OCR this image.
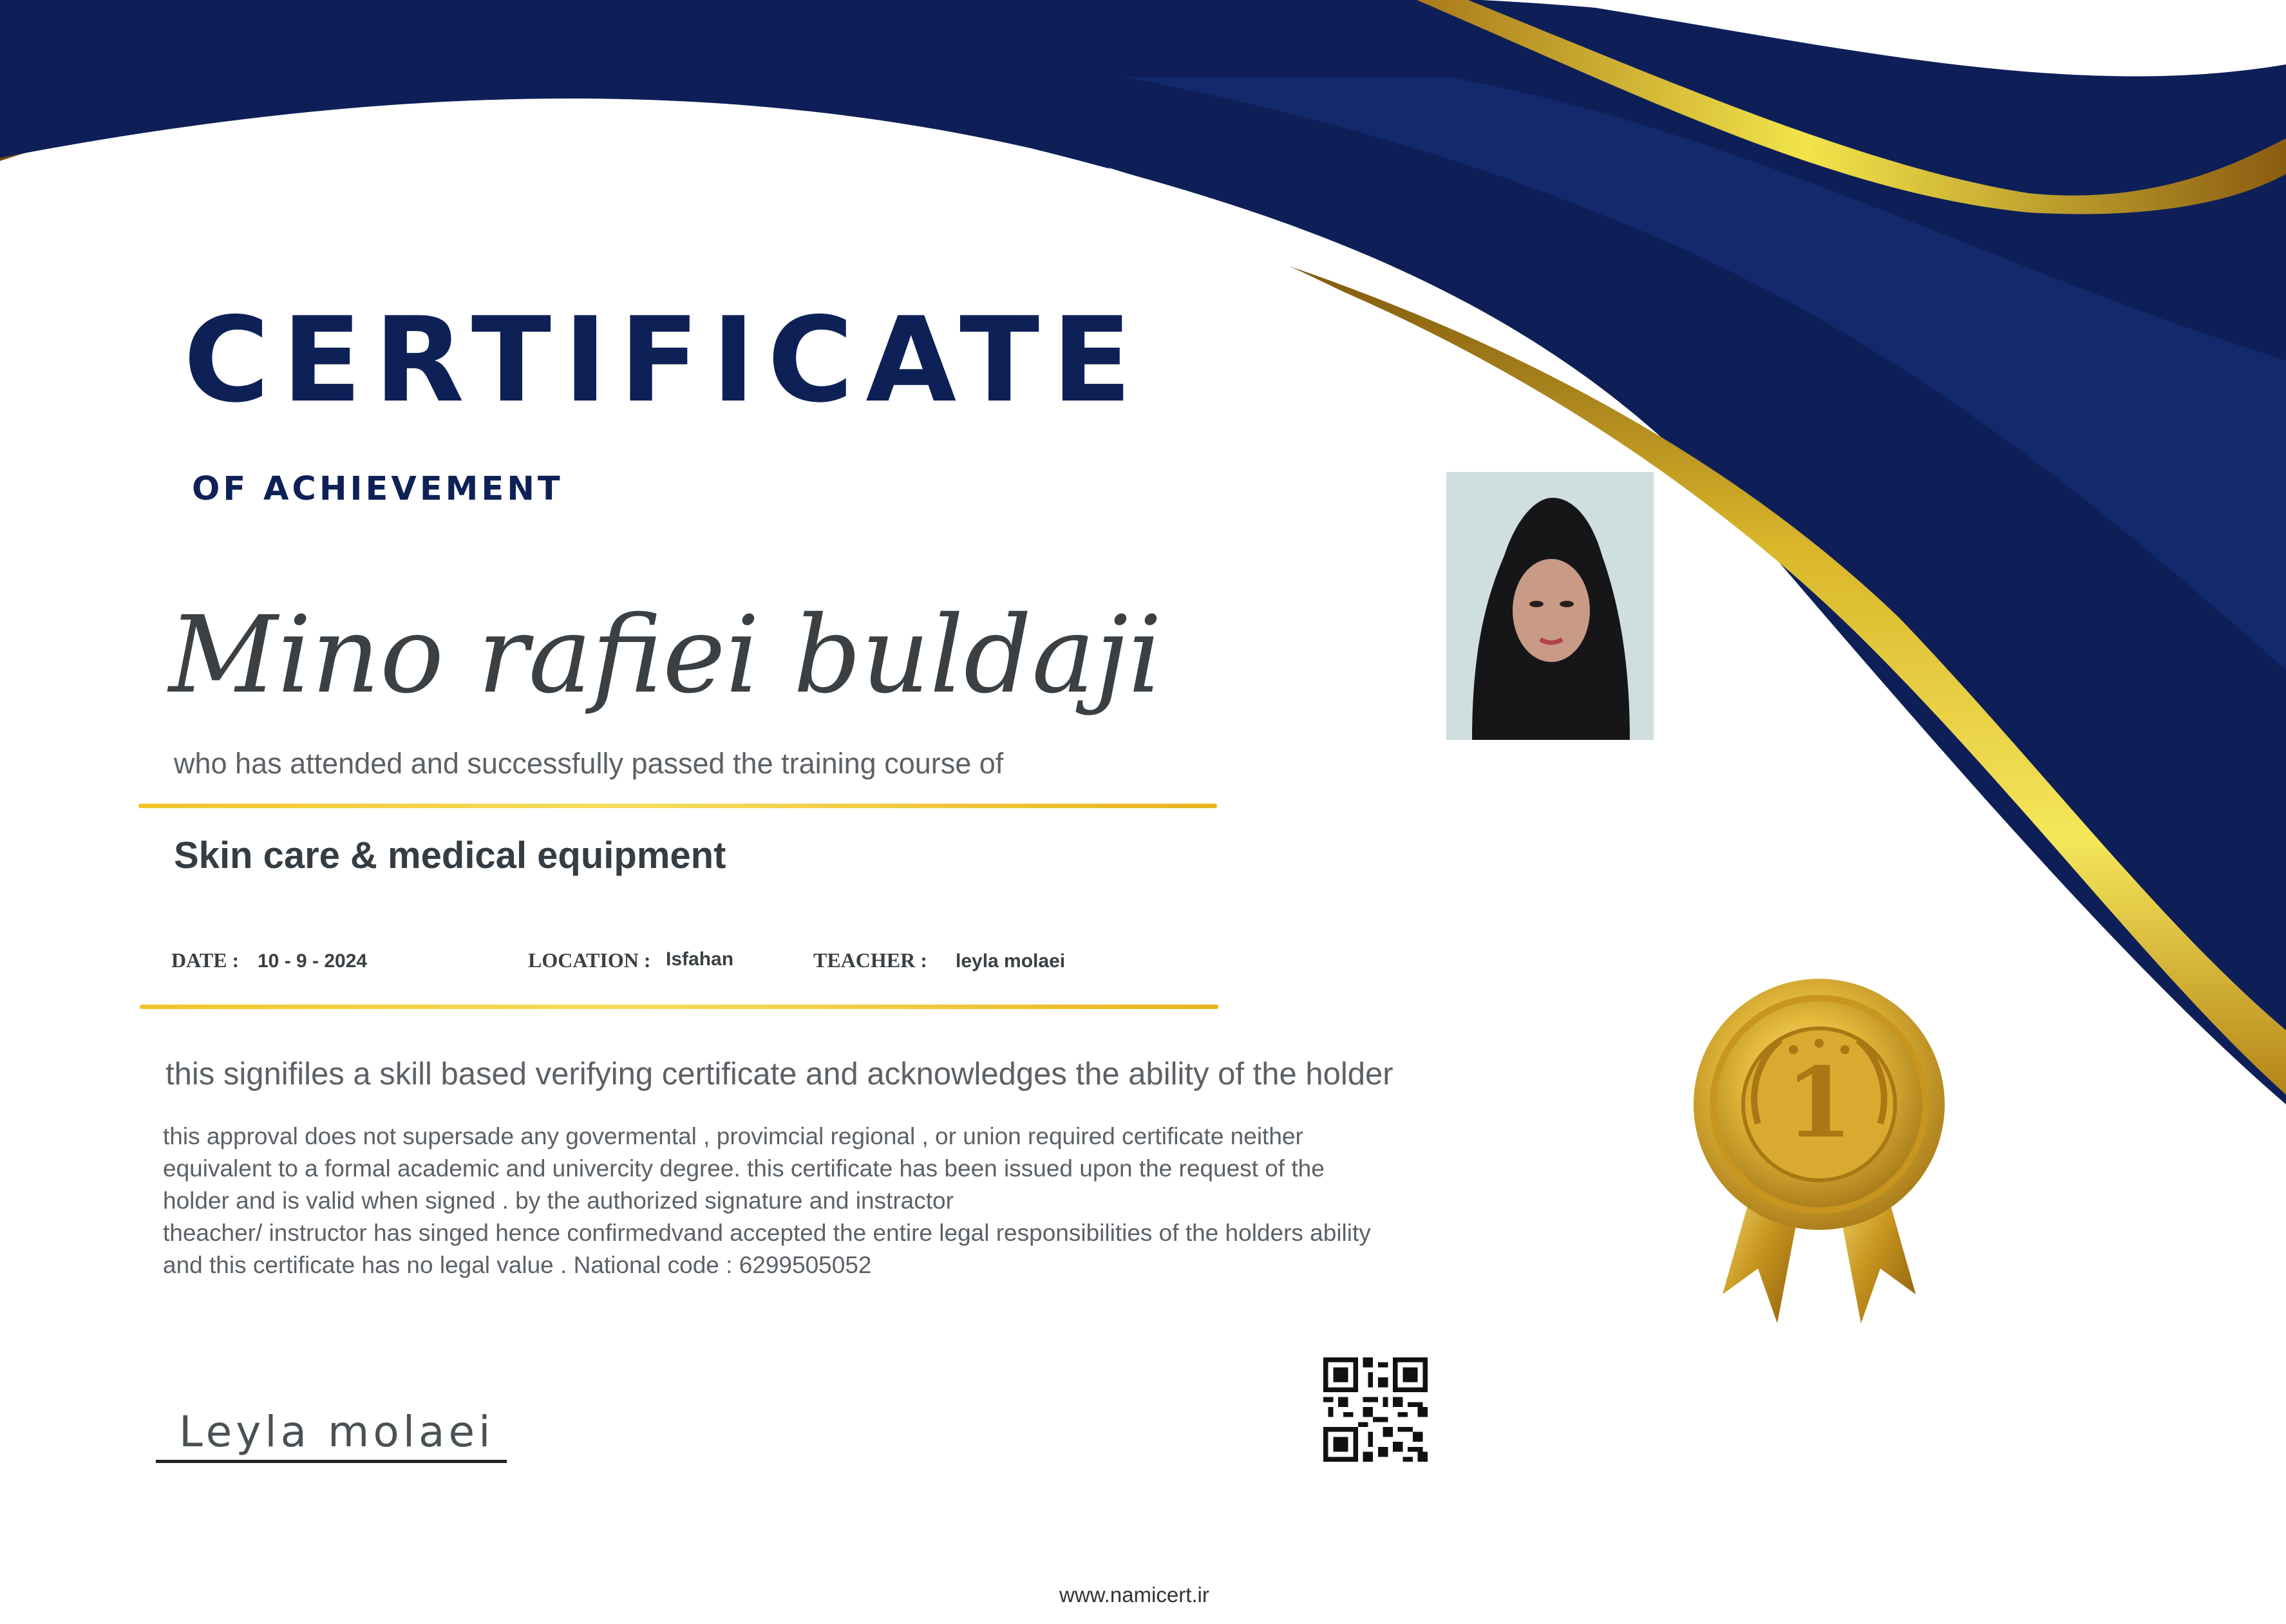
CERTIFICATE
OF ACHIEVEMENT
Mino rafiei buldaji
who has attended and successfully passed the training course of
Skin care & medical equipment
DATE : 10 - 9 - 2024	LOCATION : Isfahan	TEACHER : leyla molaei
this signifiles a skill based verifying certificate and acknowledges the ability of the holder
this approval does not supersade any govermental , provimcial regional , or union required certificate neither
equivalent to a formal academic and univercity degree. this certificate has been issued upon the request of the
holder and is valid when signed . by the authorized signature and instractor
theacher/ instructor has singed hence confirmedvand accepted the entire legal responsibilities of the holders ability
and this certificate has no legal value . National code : 6299505052
Leyla molaei
www.namicert.ir
1
